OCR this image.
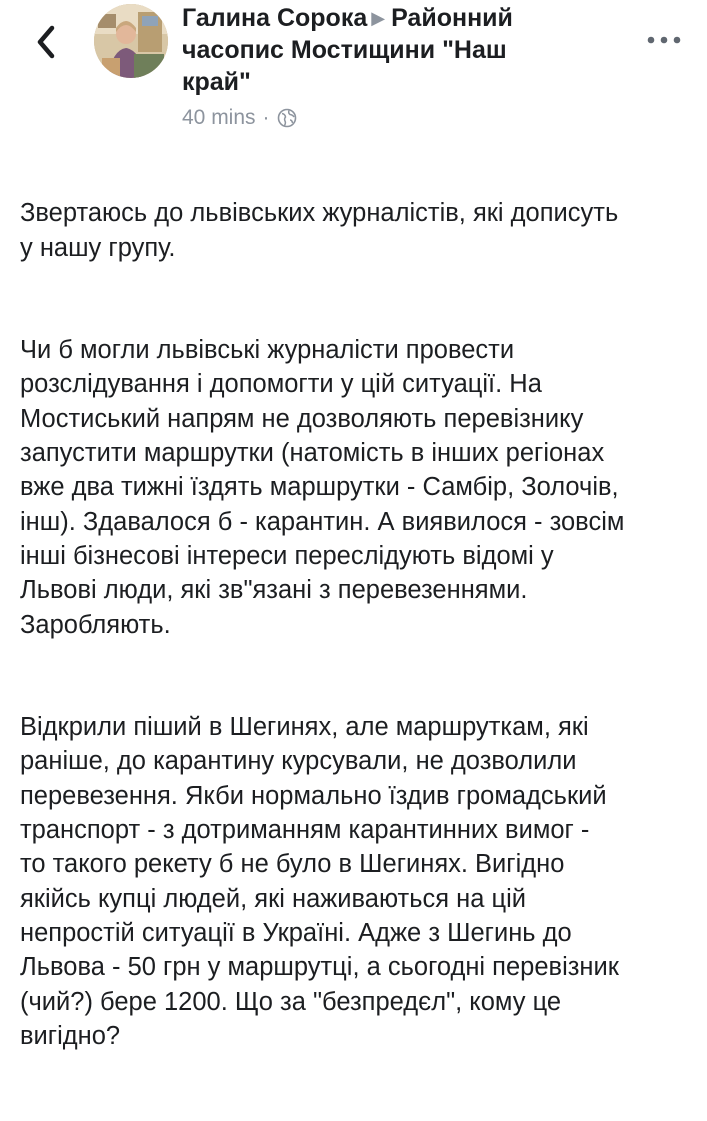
Галина Сорока ▶ Районний
часопис Мостищини "Наш
край"
40 mins ·

Звертаюсь до львівських журналістів, які дописуть
у нашу групу.

Чи б могли львівські журналісти провести
розслідування і допомогти у цій ситуації. На
Мостиський напрям не дозволяють перевізнику
запустити маршрутки (натомість в інших регіонах
вже два тижні їздять маршрутки - Самбір, Золочів,
інш). Здавалося б - карантин. А виявилося - зовсім
інші бізнесові інтереси переслідують відомі у
Львові люди, які зв"язані з перевезеннями.
Заробляють.

Відкрили піший в Шегинях, але маршруткам, які
раніше, до карантину курсували, не дозволили
перевезення. Якби нормально їздив громадський
транспорт - з дотриманням карантинних вимог -
то такого рекету б не було в Шегинях. Вигідно
якійсь купці людей, які наживаються на цій
непростій ситуації в Україні. Адже з Шегинь до
Львова - 50 грн у маршрутці, а сьогодні перевізник
(чий?) бере 1200. Що за "безпредєл", кому це
вигідно?
